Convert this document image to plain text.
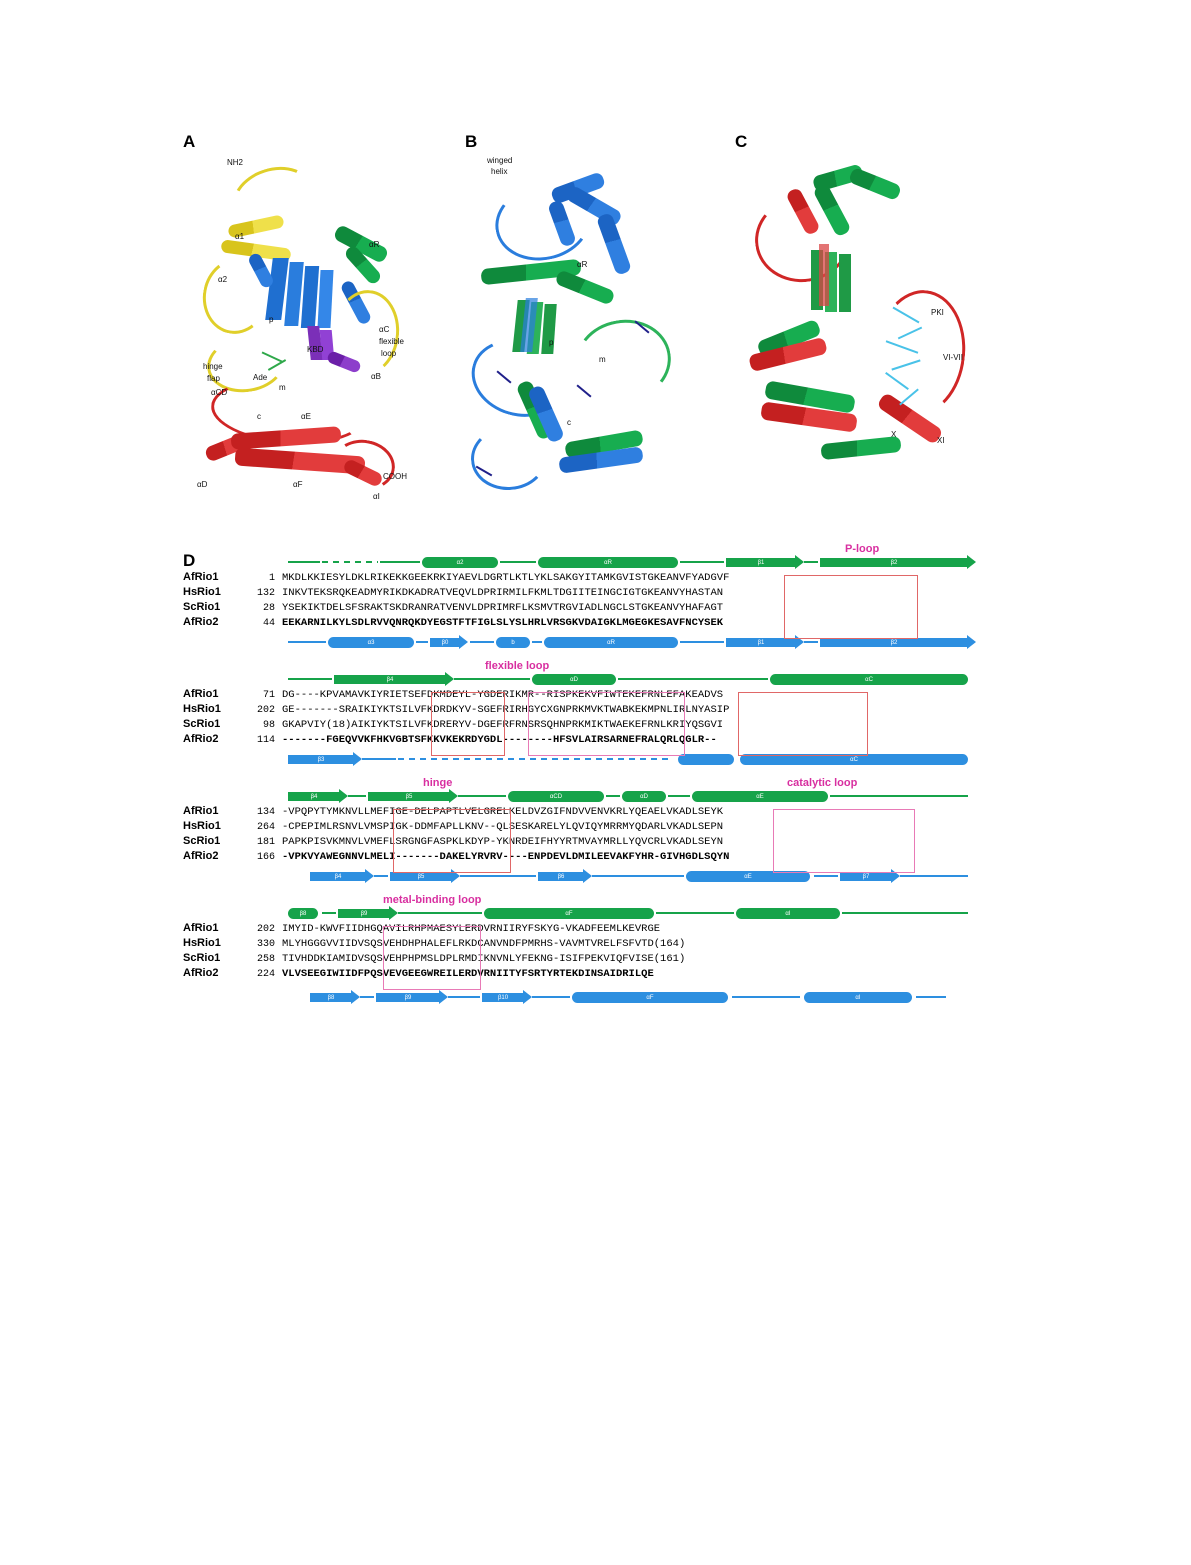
A
NH2
α1
α2
αR
αC
flexible
loop
p
KBD
hinge
flap	Ade	αB
αCD
m
c	αE
αD	αF
αI
COOH
B
winged
helix
αR
p
m
c
C
PKI
VI-VII
X
XI
D
P-loop
α2	αR	β1	β2
AfRio1	1 MKDLKKIESYLDKLRIKEKKGEEKRKIYAEVLDGRTLKTLYKLSAKGYITAMKGVISTGKEANVFYADGVF
HsRio1	132 INKVTEKSRQKEADMYRIKDKADRATVEQVLDPRIRMILFKMLTDGIITEINGCIGTGKEANVYHASTAN
ScRio1	28 YSEKIKTDELSFSRAKTSKDRANRATVENVLDPRIMRFLKSMVTRGVIADLNGCLSTGKEANVYHAFAGT
AfRio2	44 EEKARNILKYLSDLRVVQNRQKDYEGSTFTFIGLSLYSLHRLVRSGKVDAIGKLMGEGKESAVFNCYSEK
α3	β0	b	αR	β1	β2
flexible loop
β4	αD	αC
AfRio1	71 DG----KPVAMAVKIYRIETSEFDKMDEYL-YGDERIKMR--RISPKEKVFIWTEKEFRNLEFAKEADVS
HsRio1	202 GE-------SRAIKIYKTSILVFKDRDKYV-SGEFRIRHGYCXGNPRKMVKTWABKEKMPNLIRLNYASIP
ScRio1	98 GKAPVIY(18)AIKIYKTSILVFKDRERYV-DGEFRFRNSRSQHNPRKMIKTWAEKEFRNLKRIYQSGVI
AfRio2	114 -------FGEQVVKFHKVGBTSFKKVKEKRDYGDL--------HFSVLAIRSARNEFRALQRLQGLR--
β3	αC
hinge	catalytic loop
β4	β5	αCD	αD	αE
AfRio1	134 -VPQPYTYMKNVLLMEFIGE-DELPAPTLVELGRELKELDVZGIFNDVVENVKRLYQEAELVKADLSEYK
HsRio1	264 -CPEPIMLRSNVLVMSPIGK-DDMFAPLLKNV--QLSESKARELYLQVIQYMRRMYQDARLVKADLSEPN
ScRio1	181 PAPKPISVKMNVLVMEFLSRGNGFASPKLKDYP-YKNRDEIFHYYRTMVAYMRLLYQVCRLVKADLSEYN
AfRio2	166 -VPKVYAWEGNNVLMELI-------DAKELYRVRV----ENPDEVLDMILEEVAKFYHR-GIVHGDLSQYN
β4	β5	β6	αE	β7
metal-binding loop
β8	β9	αF	αI
AfRio1	202 IMYID-KWVFIIDHGQAVILRHPMAESYLERDVRNIIRYFSKYG-VKADFEEMLKEVRGE
HsRio1	330 MLYHGGGVVIIDVSQSVEHDHPHALEFLRKDCANVNDFPMRHS-VAVMTVRELFSFVTD(164)
ScRio1	258 TIVHDDKIAMIDVSQSVEHPHPMSLDPLRMDIKNVNLYFEKNG-ISIFPEKVIQFVISE(161)
AfRio2	224 VLVSEEGIWIIDFPQSVEVGEEGWREILERDVRNIITYFSRTYRTEKDINSAIDRILQE
β8	β9	β10	αF	αI
